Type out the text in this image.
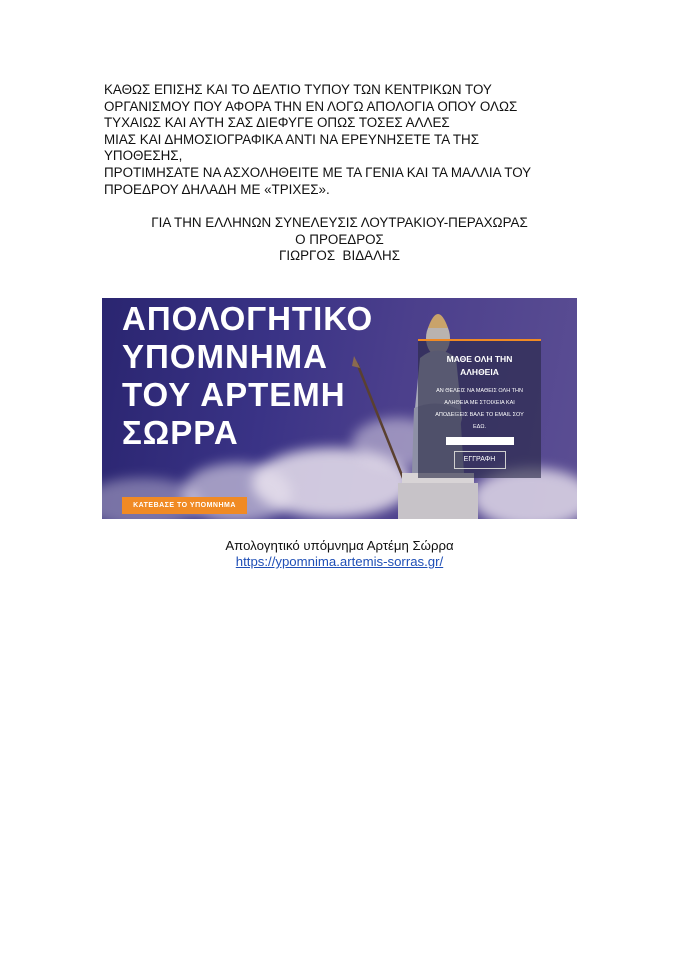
ΚΑΘΩΣ ΕΠΙΣΗΣ ΚΑΙ ΤΟ ΔΕΛΤΙΟ ΤΥΠΟΥ ΤΩΝ ΚΕΝΤΡΙΚΩΝ ΤΟΥ
ΟΡΓΑΝΙΣΜΟΥ ΠΟΥ ΑΦΟΡΑ ΤΗΝ ΕΝ ΛΟΓΩ ΑΠΟΛΟΓΙΑ ΟΠΟΥ ΟΛΩΣ
ΤΥΧΑΙΩΣ ΚΑΙ ΑΥΤΗ ΣΑΣ ΔΙΕΦΥΓΕ ΟΠΩΣ ΤΟΣΕΣ ΑΛΛΕΣ
ΜΙΑΣ ΚΑΙ ΔΗΜΟΣΙΟΓΡΑΦΙΚΑ ΑΝΤΙ ΝΑ ΕΡΕΥΝΗΣΕΤΕ ΤΑ ΤΗΣ
ΥΠΟΘΕΣΗΣ,
ΠΡΟΤΙΜΗΣΑΤΕ ΝΑ ΑΣΧΟΛΗΘΕΙΤΕ ΜΕ ΤΑ ΓΕΝΙΑ ΚΑΙ ΤΑ ΜΑΛΛΙΑ ΤΟΥ
ΠΡΟΕΔΡΟΥ ΔΗΛΑΔΗ ΜΕ «ΤΡΙΧΕΣ».
ΓΙΑ ΤΗΝ ΕΛΛΗΝΩΝ ΣΥΝΕΛΕΥΣΙΣ ΛΟΥΤΡΑΚΙΟΥ-ΠΕΡΑΧΩΡΑΣ
Ο ΠΡΟΕΔΡΟΣ
ΓΙΩΡΓΟΣ  ΒΙΔΑΛΗΣ
ΑΠΟΛΟΓΗΤΙΚΟ
ΥΠΟΜΝΗΜΑ
ΤΟΥ ΑΡΤΕΜΗ
ΣΩΡΡΑ
ΚΑΤΕΒΑΣΕ ΤΟ ΥΠΟΜΝΗΜΑ
ΜΑΘΕ ΟΛΗ ΤΗΝ
ΑΛΗΘΕΙΑ
ΑΝ ΘΕΛΕΙΣ ΝΑ ΜΑΘΕΙΣ ΟΛΗ ΤΗΝ
ΑΛΗΘΕΙΑ ΜΕ ΣΤΟΙΧΕΙΑ ΚΑΙ
ΑΠΟΔΕΙΞΕΙΣ ΒΑΛΕ ΤΟ EMAIL ΣΟΥ
ΕΔΩ.
ΕΓΓΡΑΦΗ
Απολογητικό υπόμνημα Αρτέμη Σώρρα
https://ypomnima.artemis-sorras.gr/
